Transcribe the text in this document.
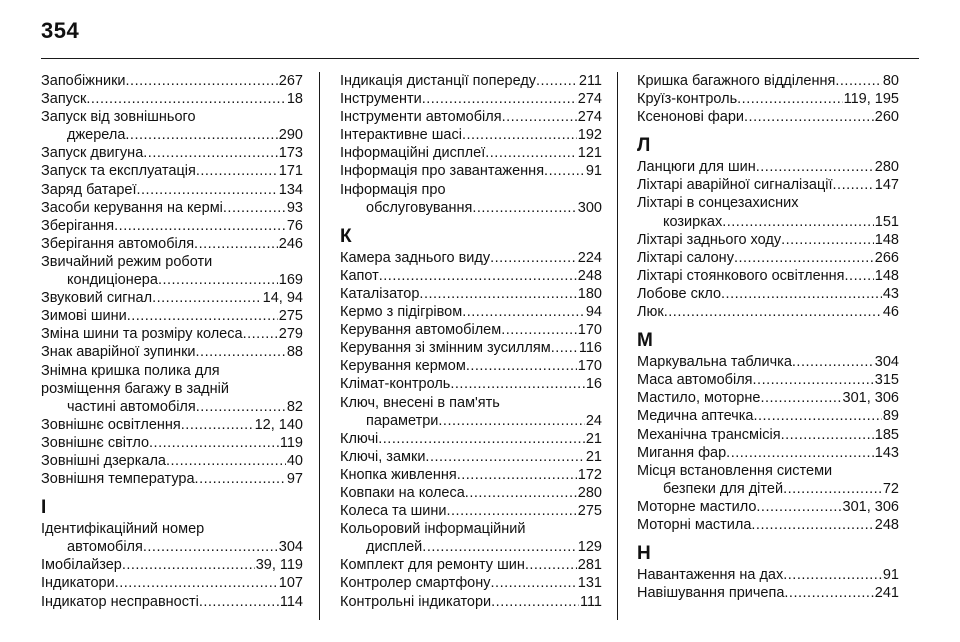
354
Запобіжники .....	267
Запуск .....	18
Запуск від зовнішнього
джерела .....	290
Запуск двигуна .....	173
Запуск та експлуатація .....	171
Заряд батареї .....	134
Засоби керування на кермі .....	93
Зберігання .....	76
Зберігання автомобіля .....	246
Звичайний режим роботи
кондиціонера .....	169
Звуковий сигнал .....	14, 94
Зимові шини .....	275
Зміна шини та розміру колеса ..... 279
Знак аварійної зупинки .....	88
Знімна кришка полика для
розміщення багажу в задній
частині автомобіля .....	82
Зовнішнє освітлення .....	12, 140
Зовнішнє світло .....	119
Зовнішні дзеркала .....	40
Зовнішня температура .....	97
І
Ідентифікаційний номер
автомобіля .....	304
Імобілайзер .....	39, 119
Індикатори .....	107
Індикатор несправності .....	114
Індикація дистанції попереду .....	211
Інструменти .....	274
Інструменти автомобіля .....	274
Інтерактивне шасі .....	192
Інформаційні дисплеї .....	121
Інформація про завантаження .....	91
Інформація про
обслуговування .....	300
К
Камера заднього виду .....	224
Капот .....	248
Каталізатор .....	180
Кермо з підігрівом .....	94
Керування автомобілем .....	170
Керування зі змінним зусиллям ..... 116
Керування кермом .....	170
Клімат-контроль .....	16
Ключ, внесені в пам'ять
параметри .....	24
Ключі .....	21
Ключі, замки .....	21
Кнопка живлення .....	172
Ковпаки на колеса .....	280
Колеса та шини .....	275
Кольоровий інформаційний
дисплей .....	129
Комплект для ремонту шин .....	281
Контролер смартфону .....	131
Контрольні індикатори .....	111
Кришка багажного відділення .....	80
Круїз-контроль .....	119, 195
Ксенонові фари .....	260
Л
Ланцюги для шин .....	280
Ліхтарі аварійної сигналізації .....	147
Ліхтарі в сонцезахисних
козирках .....	151
Ліхтарі заднього ходу .....	148
Ліхтарі салону .....	266
Ліхтарі стоянкового освітлення ..... 148
Лобове скло .....	43
Люк .....	46
М
Маркувальна табличка .....	304
Маса автомобіля .....	315
Мастило, моторне .....	301, 306
Медична аптечка .....	89
Механічна трансмісія .....	185
Мигання фар .....	143
Місця встановлення системи
безпеки для дітей .....	72
Моторне мастило .....	301, 306
Моторні мастила .....	248
Н
Навантаження на дах .....	91
Навішування причепа .....	241
